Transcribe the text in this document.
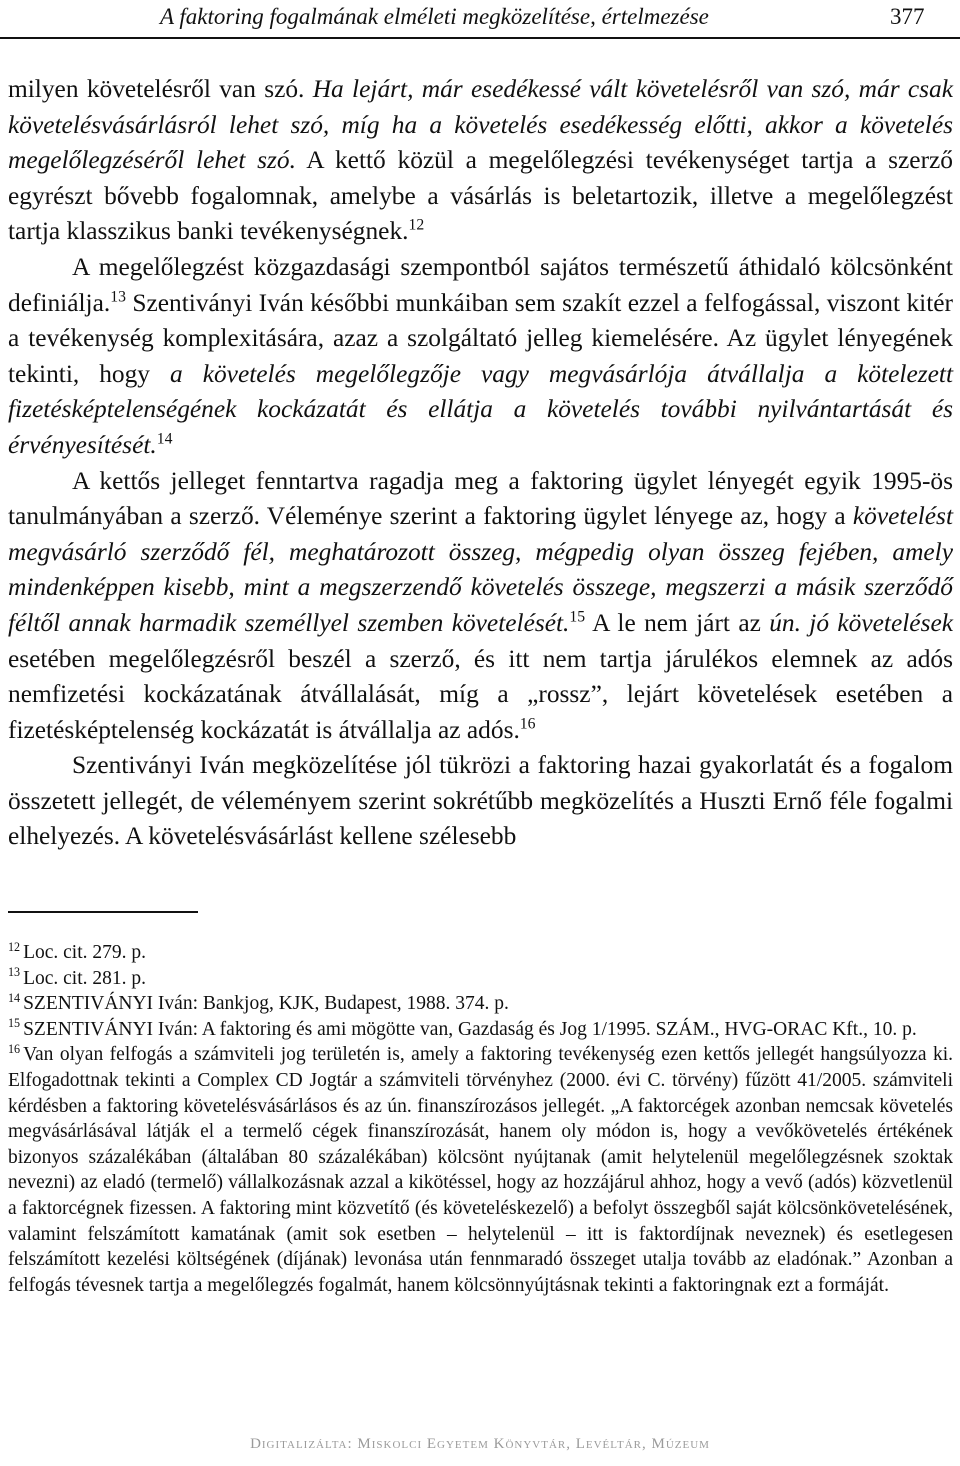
A faktoring fogalmának elméleti megközelítése, értelmezése	377

milyen követelésről van szó. Ha lejárt, már esedékessé vált követelésről van szó, már csak követelésvásárlásról lehet szó, míg ha a követelés esedékesség előtti, akkor a követelés megelőlegzéséről lehet szó. A kettő közül a megelőlegzési tevékenységet tartja a szerző egyrészt bővebb fogalomnak, amelybe a vásárlás is beletartozik, illetve a megelőlegzést tartja klasszikus banki tevékenységnek.$^{12}$

A megelőlegzést közgazdasági szempontból sajátos természetű áthidaló kölcsönként definiálja.$^{13}$ Szentiványi Iván későbbi munkáiban sem szakít ezzel a felfogással, viszont kitér a tevékenység komplexitására, azaz a szolgáltató jelleg kiemelésére. Az ügylet lényegének tekinti, hogy a követelés megelőlegzője vagy megvásárlója átvállalja a kötelezett fizetésképtelenségének kockázatát és ellátja a követelés további nyilvántartását és érvényesítését.$^{14}$

A kettős jelleget fenntartva ragadja meg a faktoring ügylet lényegét egyik 1995-ös tanulmányában a szerző. Véleménye szerint a faktoring ügylet lényege az, hogy a követelést megvásárló szerződő fél, meghatározott összeg, mégpedig olyan összeg fejében, amely mindenképpen kisebb, mint a megszerzendő követelés összege, megszerzi a másik szerződő féltől annak harmadik személlyel szemben követelését.$^{15}$ A le nem járt az ún. jó követelések esetében megelőlegzésről beszél a szerző, és itt nem tartja járulékos elemnek az adós nemfizetési kockázatának átvállalását, míg a „rossz”, lejárt követelések esetében a fizetésképtelenség kockázatát is átvállalja az adós.$^{16}$

Szentiványi Iván megközelítése jól tükrözi a faktoring hazai gyakorlatát és a fogalom összetett jellegét, de véleményem szerint sokrétűbb megközelítés a Huszti Ernő féle fogalmi elhelyezés. A követelésvásárlást kellene szélesebb

$^{12}$ Loc. cit. 279. p.

$^{13}$ Loc. cit. 281. p.

$^{14}$ SZENTIVÁNYI Iván: Bankjog, KJK, Budapest, 1988. 374. p.

$^{15}$ SZENTIVÁNYI Iván: A faktoring és ami mögötte van, Gazdaság és Jog 1/1995. SZÁM., HVG-ORAC Kft., 10. p.

$^{16}$ Van olyan felfogás a számviteli jog területén is, amely a faktoring tevékenység ezen kettős jellegét hangsúlyozza ki. Elfogadottnak tekinti a Complex CD Jogtár a számviteli törvényhez (2000. évi C. törvény) fűzött 41/2005. számviteli kérdésben a faktoring követelésvásárlásos és az ún. finanszírozásos jellegét. „A faktorcégek azonban nemcsak követelés megvásárlásával látják el a termelő cégek finanszírozását, hanem oly módon is, hogy a vevőkövetelés értékének bizonyos százalékában (általában 80 százalékában) kölcsönt nyújtanak (amit helytelenül megelőlegzésnek szoktak nevezni) az eladó (termelő) vállalkozásnak azzal a kikötéssel, hogy az hozzájárul ahhoz, hogy a vevő (adós) közvetlenül a faktorcégnek fizessen. A faktoring mint közvetítő (és követeléskezelő) a befolyt összegből saját kölcsönkövetelésének, valamint felszámított kamatának (amit sok esetben – helytelenül – itt is faktordíjnak neveznek) és esetlegesen felszámított kezelési költségének (díjának) levonása után fennmaradó összeget utalja tovább az eladónak.” Azonban a felfogás tévesnek tartja a megelőlegzés fogalmát, hanem kölcsönnyújtásnak tekinti a faktoringnak ezt a formáját.

Digitalizálta: Miskolci Egyetem Könyvtár, Levéltár, Múzeum
